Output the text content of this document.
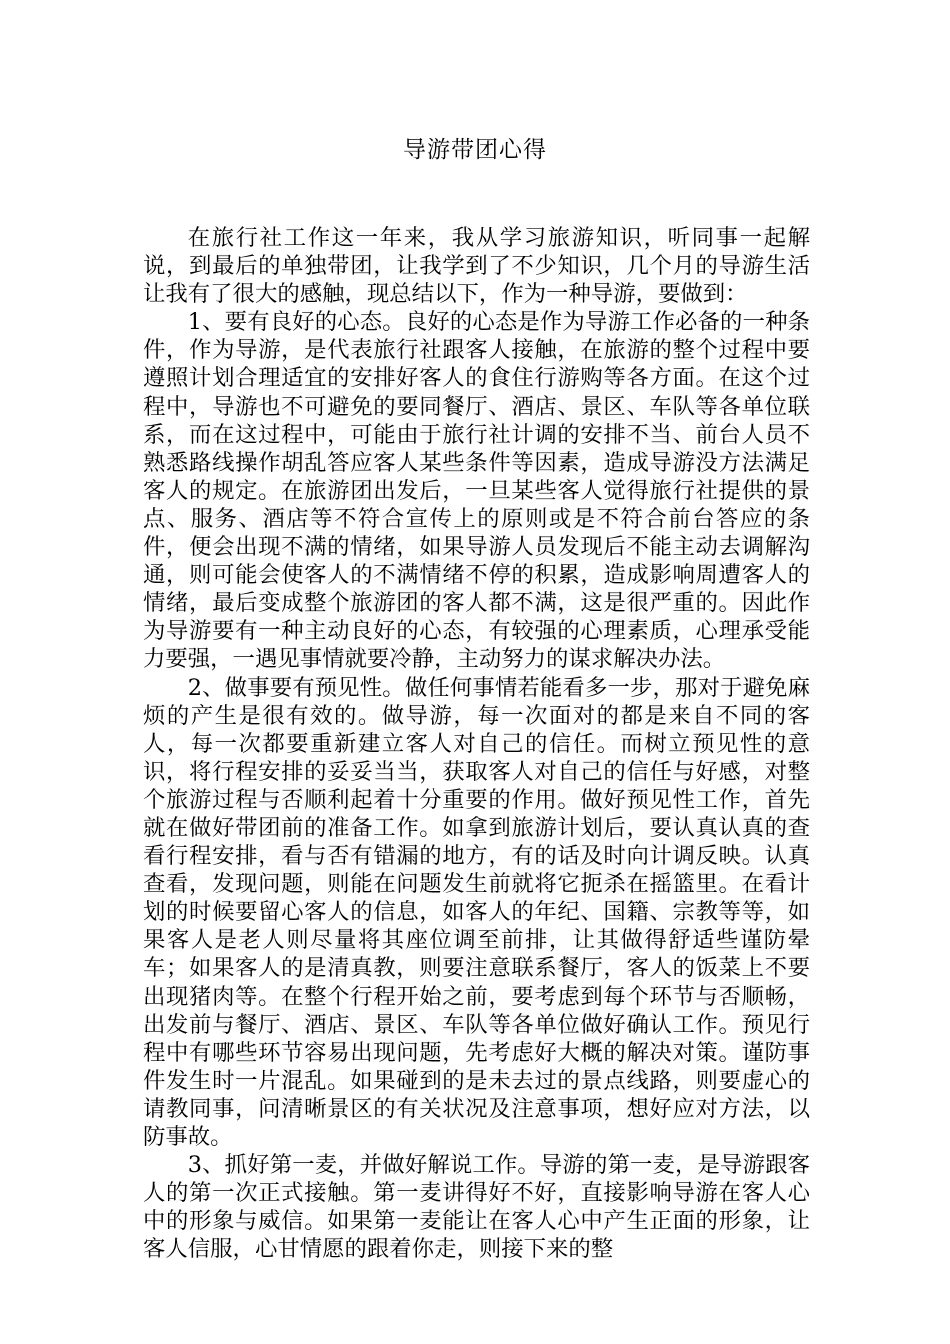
导游带团心得

在旅行社工作这一年来，我从学习旅游知识，听同事一起解说，到最后的单独带团，让我学到了不少知识，几个月的导游生活让我有了很大的感触，现总结以下，作为一种导游，要做到：

1、要有良好的心态。良好的心态是作为导游工作必备的一种条件，作为导游，是代表旅行社跟客人接触，在旅游的整个过程中要遵照计划合理适宜的安排好客人的食住行游购等各方面。在这个过程中，导游也不可避免的要同餐厅、酒店、景区、车队等各单位联系，而在这过程中，可能由于旅行社计调的安排不当、前台人员不熟悉路线操作胡乱答应客人某些条件等因素，造成导游没方法满足客人的规定。在旅游团出发后，一旦某些客人觉得旅行社提供的景点、服务、酒店等不符合宣传上的原则或是不符合前台答应的条件，便会出现不满的情绪，如果导游人员发现后不能主动去调解沟通，则可能会使客人的不满情绪不停的积累，造成影响周遭客人的情绪，最后变成整个旅游团的客人都不满，这是很严重的。因此作为导游要有一种主动良好的心态，有较强的心理素质，心理承受能力要强，一遇见事情就要冷静，主动努力的谋求解决办法。

2、做事要有预见性。做任何事情若能看多一步，那对于避免麻烦的产生是很有效的。做导游，每一次面对的都是来自不同的客人，每一次都要重新建立客人对自己的信任。而树立预见性的意识，将行程安排的妥妥当当，获取客人对自己的信任与好感，对整个旅游过程与否顺利起着十分重要的作用。做好预见性工作，首先就在做好带团前的准备工作。如拿到旅游计划后，要认真认真的查看行程安排，看与否有错漏的地方，有的话及时向计调反映。认真查看，发现问题，则能在问题发生前就将它扼杀在摇篮里。在看计划的时候要留心客人的信息，如客人的年纪、国籍、宗教等等，如果客人是老人则尽量将其座位调至前排，让其做得舒适些谨防晕车；如果客人的是清真教，则要注意联系餐厅，客人的饭菜上不要出现猪肉等。在整个行程开始之前，要考虑到每个环节与否顺畅，出发前与餐厅、酒店、景区、车队等各单位做好确认工作。预见行程中有哪些环节容易出现问题，先考虑好大概的解决对策。谨防事件发生时一片混乱。如果碰到的是未去过的景点线路，则要虚心的请教同事，问清晰景区的有关状况及注意事项，想好应对方法，以防事故。

3、抓好第一麦，并做好解说工作。导游的第一麦，是导游跟客人的第一次正式接触。第一麦讲得好不好，直接影响导游在客人心中的形象与威信。如果第一麦能让在客人心中产生正面的形象，让客人信服，心甘情愿的跟着你走，则接下来的整
